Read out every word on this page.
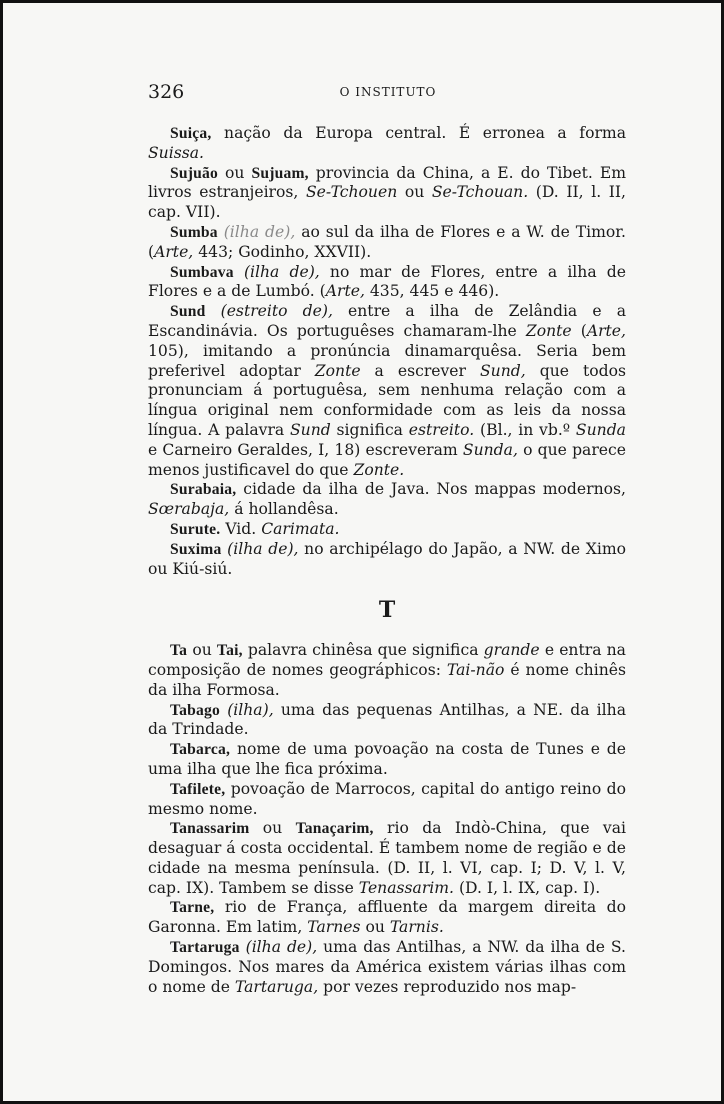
326	O INSTITUTO

Suiça, nação da Europa central. É erronea a forma Suissa.

Sujuão ou Sujuam, provincia da China, a E. do Tibet. Em livros estranjeiros, Se-Tchouen ou Se-Tchouan. (D. II, l. II, cap. VII).

Sumba (ilha de), ao sul da ilha de Flores e a W. de Timor. (Arte, 443; Godinho, XXVII).

Sumbava (ilha de), no mar de Flores, entre a ilha de Flores e a de Lumbó. (Arte, 435, 445 e 446).

Sund (estreito de), entre a ilha de Zelândia e a Escandinávia. Os portuguêses chamaram-lhe Zonte (Arte, 105), imitando a pronúncia dinamarquêsa. Seria bem preferivel adoptar Zonte a escrever Sund, que todos pronunciam á portuguêsa, sem nenhuma relação com a língua original nem conformidade com as leis da nossa língua. A palavra Sund significa estreito. (Bl., in vb.º Sunda e Carneiro Geraldes, I, 18) escreveram Sunda, o que parece menos justificavel do que Zonte.

Surabaia, cidade da ilha de Java. Nos mappas modernos, Sœrabaja, á hollandêsa.

Surute. Vid. Carimata.

Suxima (ilha de), no archipélago do Japão, a NW. de Ximo ou Kiú-siú.

T

Ta ou Tai, palavra chinêsa que significa grande e entra na composição de nomes geográphicos: Tai-não é nome chinês da ilha Formosa.

Tabago (ilha), uma das pequenas Antilhas, a NE. da ilha da Trindade.

Tabarca, nome de uma povoação na costa de Tunes e de uma ilha que lhe fica próxima.

Tafilete, povoação de Marrocos, capital do antigo reino do mesmo nome.

Tanassarim ou Tanaçarim, rio da Indò-China, que vai desaguar á costa occidental. É tambem nome de região e de cidade na mesma península. (D. II, l. VI, cap. I; D. V, l. V, cap. IX). Tambem se disse Tenassarim. (D. I, l. IX, cap. I).

Tarne, rio de França, affluente da margem direita do Garonna. Em latim, Tarnes ou Tarnis.

Tartaruga (ilha de), uma das Antilhas, a NW. da ilha de S. Domingos. Nos mares da América existem várias ilhas com o nome de Tartaruga, por vezes reproduzido nos map-
